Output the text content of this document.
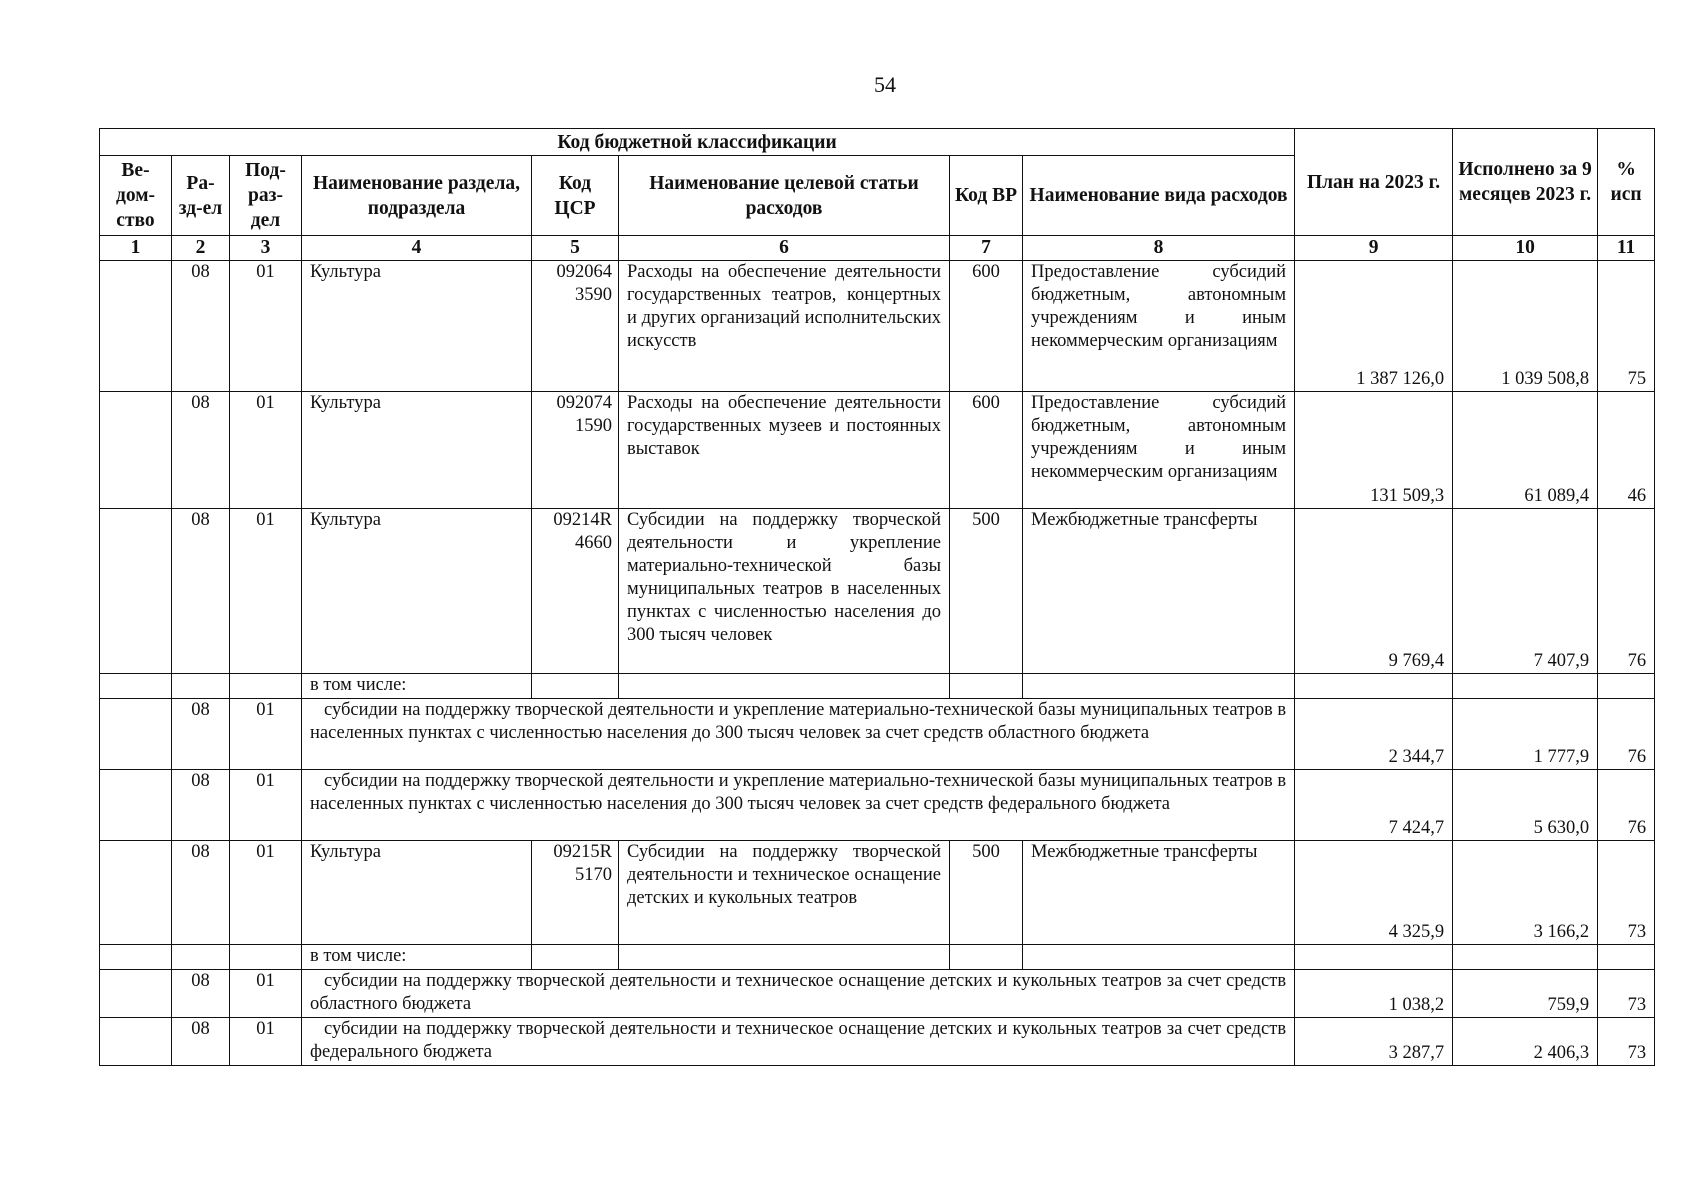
54
Код бюджетной классификации								План на 2023 г.	Исполнено за 9 месяцев 2023 г.	% исп
Ве-дом-ство	Ра-зд-ел	Под-раз-дел	Наименование раздела, подраздела	Код ЦСР	Наименование целевой статьи расходов	Код ВР	Наименование вида расходов			
1	2	3	4	5	6	7	8	9	10	11
	08	01	Культура	092064 3590	Расходы на обеспечение деятельности государственных театров, концертных и других организаций исполнительских искусств	600	Предоставление субсидий бюджетным, автономным учреждениям и иным некоммерческим организациям	1 387 126,0	1 039 508,8	75
	08	01	Культура	092074 1590	Расходы на обеспечение деятельности государственных музеев и постоянных выставок	600	Предоставление субсидий бюджетным, автономным учреждениям и иным некоммерческим организациям	131 509,3	61 089,4	46
	08	01	Культура	09214R 4660	Субсидии на поддержку творческой деятельности и укрепление материально-технической базы муниципальных театров в населенных пунктах с численностью населения до 300 тысяч человек	500	Межбюджетные трансферты	9 769,4	7 407,9	76
			в том числе:							
	08	01	субсидии на поддержку творческой деятельности и укрепление материально-технической базы муниципальных театров в населенных пунктах с численностью населения до 300 тысяч человек за счет средств областного бюджета					2 344,7	1 777,9	76
	08	01	субсидии на поддержку творческой деятельности и укрепление материально-технической базы муниципальных театров в населенных пунктах с численностью населения до 300 тысяч человек за счет средств федерального бюджета					7 424,7	5 630,0	76
	08	01	Культура	09215R 5170	Субсидии на поддержку творческой деятельности и техническое оснащение детских и кукольных театров	500	Межбюджетные трансферты	4 325,9	3 166,2	73
			в том числе:							
	08	01	субсидии на поддержку творческой деятельности и техническое оснащение детских и кукольных театров за счет средств областного бюджета					1 038,2	759,9	73
	08	01	субсидии на поддержку творческой деятельности и техническое оснащение детских и кукольных театров за счет средств федерального бюджета					3 287,7	2 406,3	73
